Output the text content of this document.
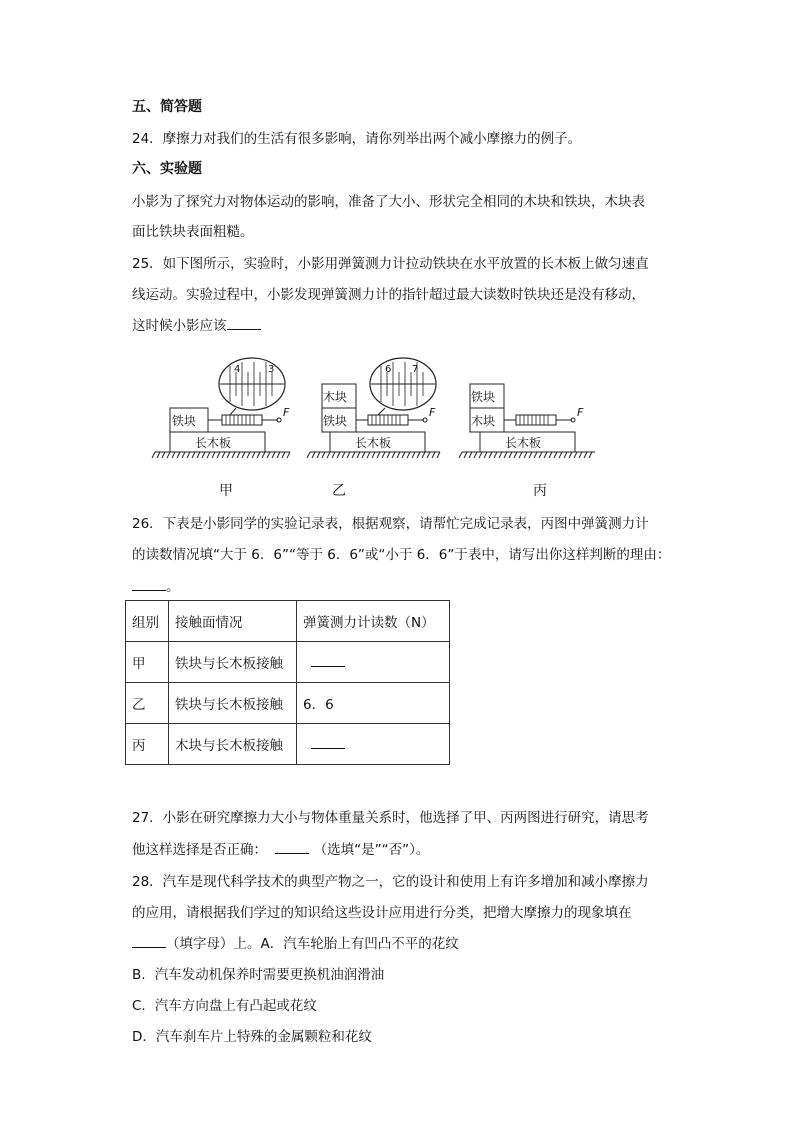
五、简答题
24．摩擦力对我们的生活有很多影响，请你列举出两个减小摩擦力的例子。
六、实验题
小影为了探究力对物体运动的影响，准备了大小、形状完全相同的木块和铁块，木块表
面比铁块表面粗糙。
25．如下图所示，实验时，小影用弹簧测力计拉动铁块在水平放置的长木板上做匀速直
线运动。实验过程中，小影发现弹簧测力计的指针超过最大读数时铁块还是没有移动，
这时候小影应该
长木板
铁块
F
4	3
长木板
铁块
木块
F
6 7
长木板
木块
铁块
F
甲	乙	丙
26．下表是小影同学的实验记录表，根据观察，请帮忙完成记录表，丙图中弹簧测力计
的读数情况填“大于 6．6”“等于 6．6”或“小于 6．6”于表中，请写出你这样判断的理由：
。
组别	接触面情况	弹簧测力计读数（N）
甲	铁块与长木板接触	
乙	铁块与长木板接触	6．6
丙	木块与长木板接触	
27．小影在研究摩擦力大小与物体重量关系时，他选择了甲、丙两图进行研究，请思考
他这样选择是否正确：	（选填“是”“否”）。
28．汽车是现代科学技术的典型产物之一，它的设计和使用上有许多增加和减小摩擦力
的应用，请根据我们学过的知识给这些设计应用进行分类，把增大摩擦力的现象填在
（填字母）上。A．汽车轮胎上有凹凸不平的花纹
B．汽车发动机保养时需要更换机油润滑油
C．汽车方向盘上有凸起或花纹
D．汽车刹车片上特殊的金属颗粒和花纹
